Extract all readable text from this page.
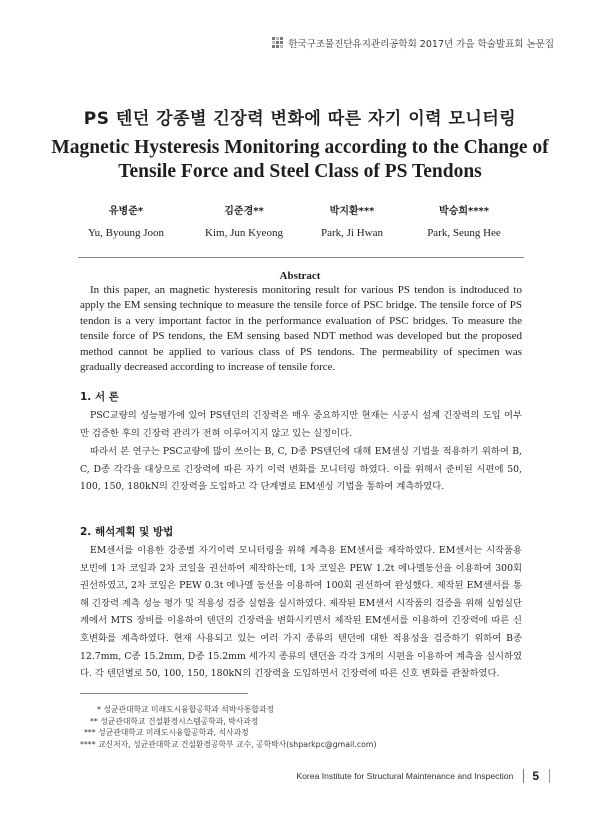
한국구조물진단유지관리공학회 2017년 가을 학술발표회 논문집
PS 텐던 강종별 긴장력 변화에 따른 자기 이력 모니터링
Magnetic Hysteresis Monitoring according to the Change of Tensile Force and Steel Class of PS Tendons
유병준*
Yu, Byoung Joon
김준경**
Kim, Jun Kyeong
박지환***
Park, Ji Hwan
박승희****
Park, Seung Hee
Abstract
In this paper, an magnetic hysteresis monitoring result for various PS tendon is indtoduced to apply the EM sensing technique to measure the tensile force of PSC bridge. The tensile force of PS tendon is a very important factor in the performance evaluation of PSC bridges. To measure the tensile force of PS tendons, the EM sensing based NDT method was developed but the proposed method cannot be applied to various class of PS tendons. The permeability of specimen was gradually decreased according to increase of tensile force.
1. 서 론

PSC교량의 성능평가에 있어 PS텐던의 긴장력은 매우 중요하지만 현재는 시공시 설계 긴장력의 도입 여부만 검증한 후의 긴장력 관리가 전혀 이루어지지 않고 있는 실정이다.

따라서 본 연구는 PSC교량에 많이 쓰이는 B, C, D종 PS텐던에 대해 EM센싱 기법을 적용하기 위하여 B, C, D종 각각을 대상으로 긴장력에 따른 자기 이력 변화를 모니터링 하였다. 이를 위해서 준비된 시편에 50, 100, 150, 180kN의 긴장력을 도입하고 각 단계별로 EM센싱 기법을 통하여 계측하였다.

2. 해석계획 및 방법

EM센서를 이용한 강종별 자기이력 모니터링을 위해 계측용 EM센서를 제작하였다. EM센서는 시작품용 보빈에 1차 코일과 2차 코일을 권선하여 제작하는데, 1차 코일은 PEW 1.2t 에나멜동선을 이용하여 300회 권선하였고, 2차 코일은 PEW 0.3t 에나멜 동선을 이용하여 100회 권선하여 완성했다. 제작된 EM센서를 통해 긴장력 계측 성능 평가 및 적용성 검증 실험을 실시하였다. 제작된 EM센서 시작품의 검증을 위해 실험실단계에서 MTS 장비를 이용하여 텐던의 긴장력을 변화시키면서 제작된 EM센서를 이용하여 긴장력에 따른 신호변화를 계측하였다. 현재 사용되고 있는 여러 가지 종류의 텐던에 대한 적용성을 검증하기 위하여 B종 12.7mm, C종 15.2mm, D종 15.2mm 세가지 종류의 텐던을 각각 3개의 시편을 이용하여 계측을 실시하였다. 각 텐던별로 50, 100, 150, 180kN의 긴장력을 도입하면서 긴장력에 따른 신호 변화를 관찰하였다.

* 성균관대학교 미래도시융합공학과 석박사통합과정
** 성균관대학교 건설환경시스템공학과, 박사과정
*** 성균관대학교 미래도시융합공학과, 석사과정
**** 교신저자, 성균관대학교 건설환경공학부 교수, 공학박사(shparkpc@gmail.com)
Korea Institute for Structural Maintenance and Inspection 5
